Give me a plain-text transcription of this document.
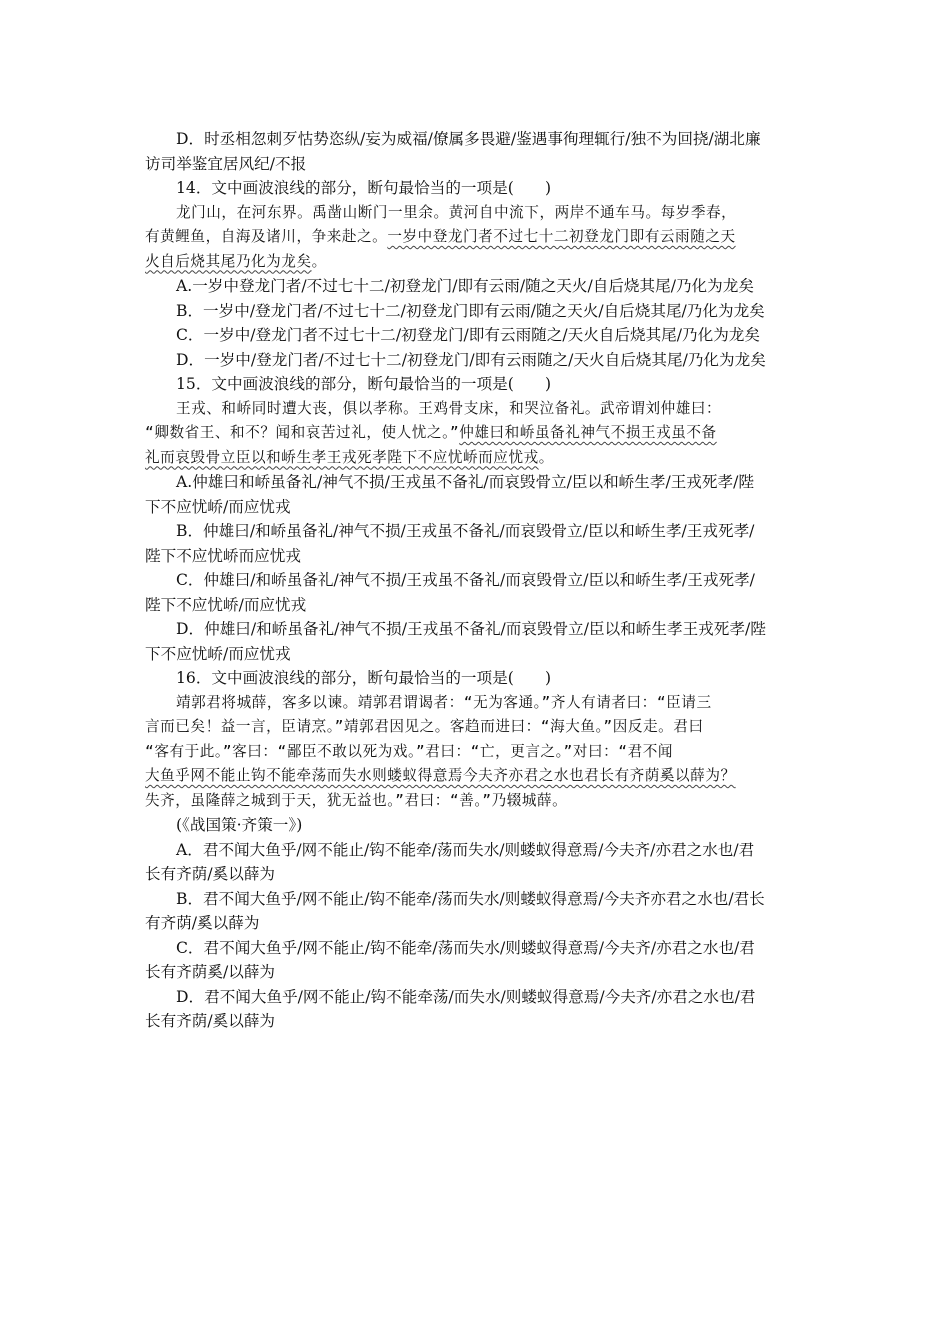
D．时丞相忽刺歹怙势恣纵/妄为威福/僚属多畏避/鉴遇事徇理辄行/独不为回挠/湖北廉
访司举鉴宜居风纪/不报
14．文中画波浪线的部分，断句最恰当的一项是(　　)
龙门山，在河东界。禹凿山断门一里余。黄河自中流下，两岸不通车马。每岁季春，
有黄鲤鱼，自海及诸川，争来赴之。一岁中登龙门者不过七十二初登龙门即有云雨随之天
火自后烧其尾乃化为龙矣。
A.一岁中登龙门者/不过七十二/初登龙门/即有云雨/随之天火/自后烧其尾/乃化为龙矣
B．一岁中/登龙门者/不过七十二/初登龙门即有云雨/随之天火/自后烧其尾/乃化为龙矣
C．一岁中/登龙门者不过七十二/初登龙门/即有云雨随之/天火自后烧其尾/乃化为龙矣
D．一岁中/登龙门者/不过七十二/初登龙门/即有云雨随之/天火自后烧其尾/乃化为龙矣
15．文中画波浪线的部分，断句最恰当的一项是(　　)
王戎、和峤同时遭大丧，俱以孝称。王鸡骨支床，和哭泣备礼。武帝谓刘仲雄曰：
“卿数省王、和不？闻和哀苦过礼，使人忧之。”仲雄曰和峤虽备礼神气不损王戎虽不备
礼而哀毁骨立臣以和峤生孝王戎死孝陛下不应忧峤而应忧戎。
A.仲雄曰和峤虽备礼/神气不损/王戎虽不备礼/而哀毁骨立/臣以和峤生孝/王戎死孝/陛
下不应忧峤/而应忧戎
B．仲雄曰/和峤虽备礼/神气不损/王戎虽不备礼/而哀毁骨立/臣以和峤生孝/王戎死孝/
陛下不应忧峤而应忧戎
C．仲雄曰/和峤虽备礼/神气不损/王戎虽不备礼/而哀毁骨立/臣以和峤生孝/王戎死孝/
陛下不应忧峤/而应忧戎
D．仲雄曰/和峤虽备礼/神气不损/王戎虽不备礼/而哀毁骨立/臣以和峤生孝王戎死孝/陛
下不应忧峤/而应忧戎
16．文中画波浪线的部分，断句最恰当的一项是(　　)
靖郭君将城薛，客多以谏。靖郭君谓谒者：“无为客通。”齐人有请者曰：“臣请三
言而已矣！益一言，臣请烹。”靖郭君因见之。客趋而进曰：“海大鱼。”因反走。君曰
“客有于此。”客曰：“鄙臣不敢以死为戏。”君曰：“亡，更言之。”对曰：“君不闻
大鱼乎网不能止钩不能牵荡而失水则蝼蚁得意焉今夫齐亦君之水也君长有齐荫奚以薛为？
失齐，虽隆薛之城到于天，犹无益也。”君曰：“善。”乃辍城薛。
(《战国策·齐策一》)
A．君不闻大鱼乎/网不能止/钩不能牵/荡而失水/则蝼蚁得意焉/今夫齐/亦君之水也/君
长有齐荫/奚以薛为
B．君不闻大鱼乎/网不能止/钩不能牵/荡而失水/则蝼蚁得意焉/今夫齐亦君之水也/君长
有齐荫/奚以薛为
C．君不闻大鱼乎/网不能止/钩不能牵/荡而失水/则蝼蚁得意焉/今夫齐/亦君之水也/君
长有齐荫奚/以薛为
D．君不闻大鱼乎/网不能止/钩不能牵荡/而失水/则蝼蚁得意焉/今夫齐/亦君之水也/君
长有齐荫/奚以薛为
